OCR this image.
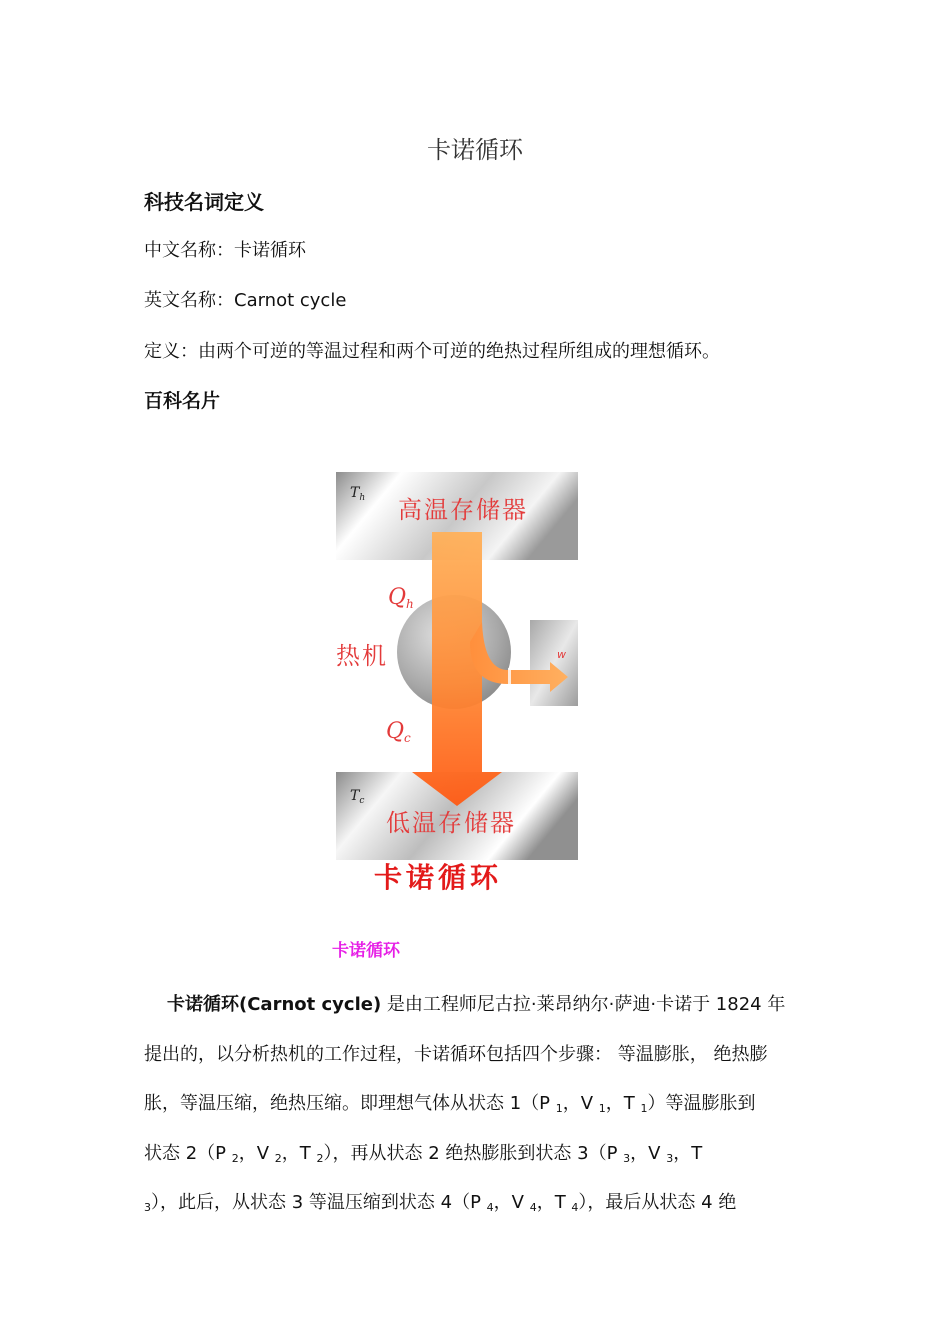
卡诺循环
科技名词定义

中文名称：卡诺循环

英文名称：Carnot cycle

定义：由两个可逆的等温过程和两个可逆的绝热过程所组成的理想循环。

百科名片
$T_h$
$T_c$
高温存储器
低温存储器
热机
Qh
Qc
w
卡诺循环

卡诺循环

卡诺循环(Carnot cycle) 是由工程师尼古拉·莱昂纳尔·萨迪·卡诺于 1824 年
提出的，以分析热机的工作过程，卡诺循环包括四个步骤： 等温膨胀， 绝热膨
胀，等温压缩，绝热压缩。即理想气体从状态 1（P 1，V 1，T 1）等温膨胀到
状态 2（P 2，V 2，T 2），再从状态 2 绝热膨胀到状态 3（P 3，V 3，T
3），此后，从状态 3 等温压缩到状态 4（P 4，V 4，T 4），最后从状态 4 绝
